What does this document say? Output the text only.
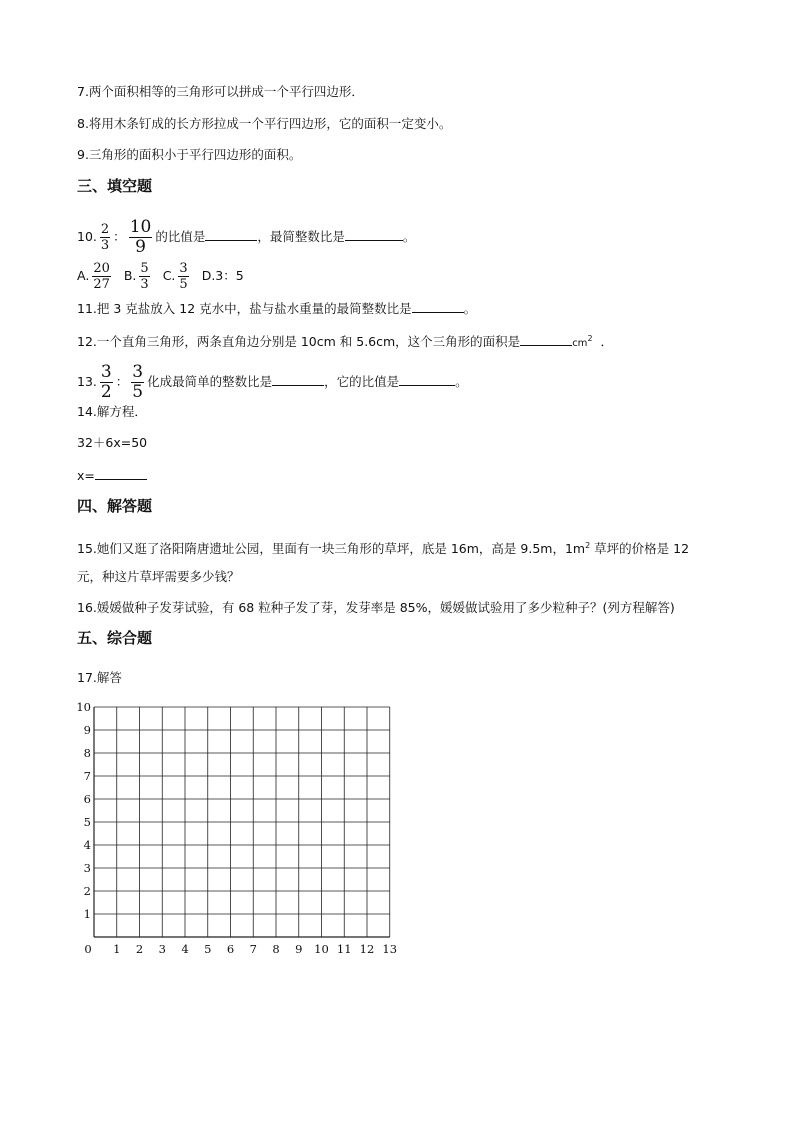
7.两个面积相等的三角形可以拼成一个平行四边形．
8.将用木条钉成的长方形拉成一个平行四边形，它的面积一定变小。
9.三角形的面积小于平行四边形的面积。
三、填空题
10. $\frac{2}{3}$ ： $\frac{10}{9}$ 的比值是	，最简整数比是	。
A. $\frac{20}{27} B$. $\frac{5}{3} C$. $\frac{3}{5} D.3$：5
11.把 3 克盐放入 12 克水中，盐与盐水重量的最简整数比是	。
12.一个直角三角形，两条直角边分别是 10cm 和 5.6cm，这个三角形的面积是	$cm^2$ ．
13. $\frac{3}{2}$ ： $\frac{3}{5}$ 化成最简单的整数比是	，它的比值是	。
14.解方程．
32＋6x=50
x=
四、解答题
15.她们又逛了洛阳隋唐遗址公园，里面有一块三角形的草坪，底是 16m，高是 9.5m，$1m^2$ 草坪的价格是 12
元，种这片草坪需要多少钱？
16.媛媛做种子发芽试验，有 68 粒种子发了芽，发芽率是 85%，媛媛做试验用了多少粒种子？(列方程解答)
五、综合题
17.解答
0 1 2 3 4 5 6 7 8 9 10 11 12 13
1
2
3
4
5
6
7
8
9
10
